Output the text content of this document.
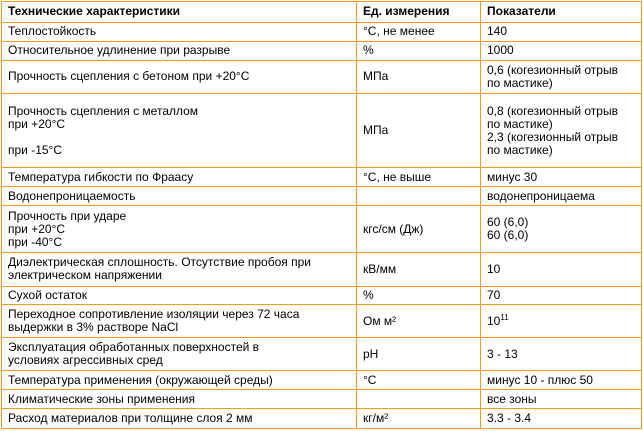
Технические характеристики	Ед. измерения	Показатели
Теплостойкость	°С, не менее	140
Относительное удлинение при разрыве	%	1000
Прочность сцепления с бетоном при +20°С	МПа	0,6 (когезионный отрыв
по мастике)

Прочность сцепления с металлом
при +20°С
при -15°С	МПа	0,8 (когезионный отрыв
по мастике)
2,3 (когезионный отрыв
по мастике)

Температура гибкости по Фраасу	°С, не выше	минус 30
Водонепроницаемость		водонепроницаема

Прочность при ударе
при +20°С
при -40°С	кгс/см (Дж)	60 (6,0)
60 (6,0)

Диэлектрическая сплошность. Отсутствие пробоя при
электрическом напряжении	кВ/мм	10
Сухой остаток	%	70

Переходное сопротивление изоляции через 72 часа
выдержки в 3% растворе NaCl	Ом м²	$10^{11}$

Эксплуатация обработанных поверхностей в
условиях агрессивных сред	pH	3 - 13
Температура применения (окружающей среды)	°С	минус 10 - плюс 50
Климатические зоны применения		все зоны
Расход материалов при толщине слоя 2 мм	кг/м²	3.3 - 3.4
